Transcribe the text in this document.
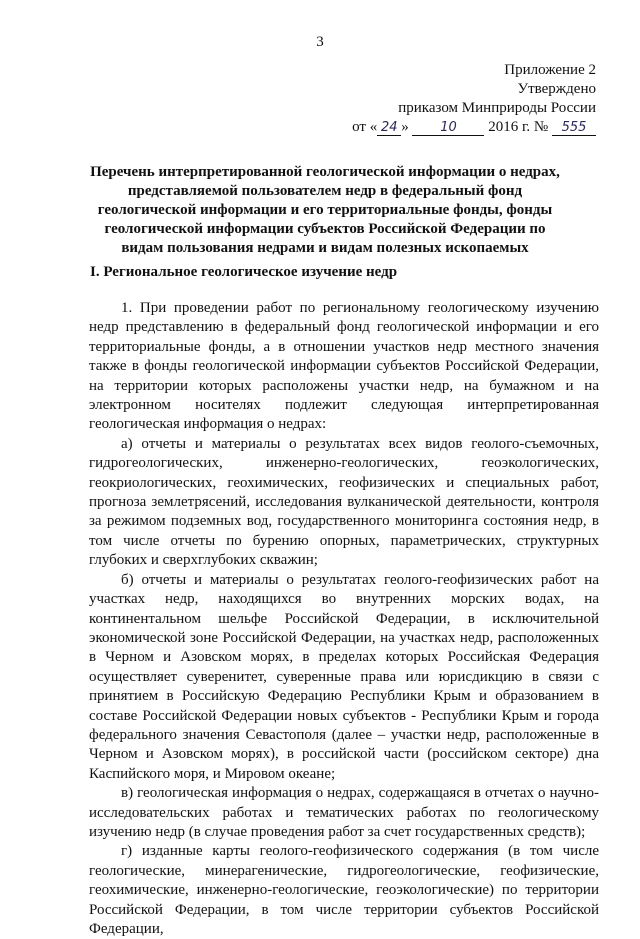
3
Приложение 2
Утверждено
приказом Минприроды России
от « 24 »
	10
	2016 г. №
	555
Перечень интерпретированной геологической информации о недрах, представляемой пользователем недр в федеральный фонд геологической информации и его территориальные фонды, фонды геологической информации субъектов Российской Федерации по видам пользования недрами и видам полезных ископаемых
I. Региональное геологическое изучение недр

1. При проведении работ по региональному геологическому изучению недр представлению в федеральный фонд геологической информации и его территориальные фонды, а в отношении участков недр местного значения также в фонды геологической информации субъектов Российской Федерации, на территории которых расположены участки недр, на бумажном и на электронном носителях подлежит следующая интерпретированная геологическая информация о недрах:

а) отчеты и материалы о результатах всех видов геолого-съемочных, гидрогеологических, инженерно-геологических, геоэкологических, геокриологических, геохимических, геофизических и специальных работ, прогноза землетрясений, исследования вулканической деятельности, контроля за режимом подземных вод, государственного мониторинга состояния недр, в том числе отчеты по бурению опорных, параметрических, структурных глубоких и сверхглубоких скважин;

б) отчеты и материалы о результатах геолого-геофизических работ на участках недр, находящихся во внутренних морских водах, на континентальном шельфе Российской Федерации, в исключительной экономической зоне Российской Федерации, на участках недр, расположенных в Черном и Азовском морях, в пределах которых Российская Федерация осуществляет суверенитет, суверенные права или юрисдикцию в связи с принятием в Российскую Федерацию Республики Крым и образованием в составе Российской Федерации новых субъектов - Республики Крым и города федерального значения Севастополя (далее – участки недр, расположенные в Черном и Азовском морях), в российской части (российском секторе) дна Каспийского моря, и Мировом океане;

в) геологическая информация о недрах, содержащаяся в отчетах о научно-исследовательских работах и тематических работах по геологическому изучению недр (в случае проведения работ за счет государственных средств);

г) изданные карты геолого-геофизического содержания (в том числе геологические, минерагенические, гидрогеологические, геофизические, геохимические, инженерно-геологические, геоэкологические) по территории Российской Федерации, в том числе территории субъектов Российской Федерации,
